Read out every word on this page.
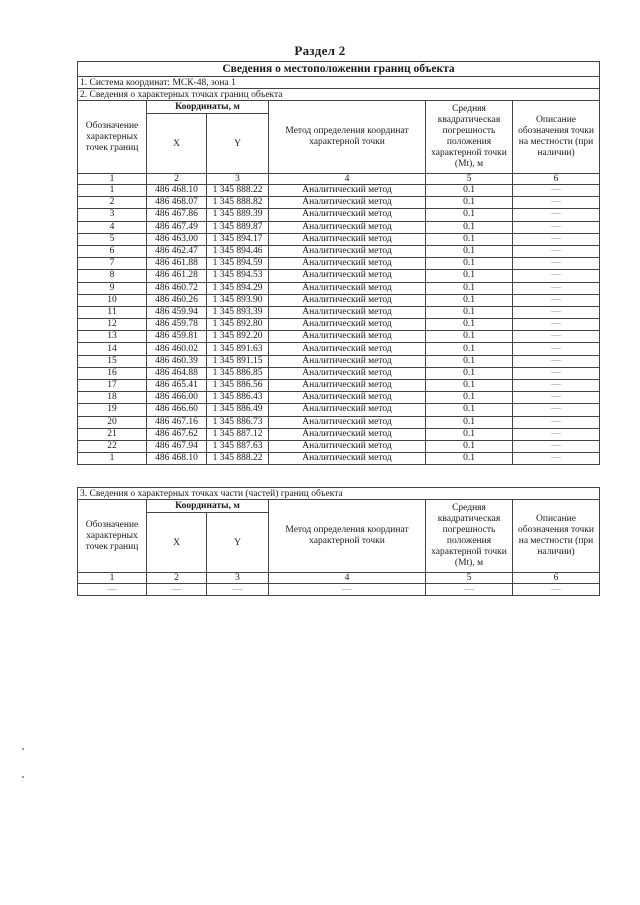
Раздел 2
Сведения о местоположении границ объекта					
1. Система координат: МСК-48, зона 1					
2. Сведения о характерных точках границ объекта					
Обозначение характерных точек границ	Координаты, м		Метод определения координат характерной точки	Средняя квадратическая погрешность положения характерной точки (Mt), м	Описание обозначения точки на местности (при наличии)
	X	Y			
1	2	3	4	5	6
1	486 468.10	1 345 888.22	Аналитический метод	0.1	—
2	486 468.07	1 345 888.82	Аналитический метод	0.1	—
3	486 467.86	1 345 889.39	Аналитический метод	0.1	—
4	486 467.49	1 345 889.87	Аналитический метод	0.1	—
5	486 463.00	1 345 894.17	Аналитический метод	0.1	—
6	486 462.47	1 345 894.46	Аналитический метод	0.1	—
7	486 461.88	1 345 894.59	Аналитический метод	0.1	—
8	486 461.28	1 345 894.53	Аналитический метод	0.1	—
9	486 460.72	1 345 894.29	Аналитический метод	0.1	—
10	486 460.26	1 345 893.90	Аналитический метод	0.1	—
11	486 459.94	1 345 893.39	Аналитический метод	0.1	—
12	486 459.78	1 345 892.80	Аналитический метод	0.1	—
13	486 459.81	1 345 892.20	Аналитический метод	0.1	—
14	486 460.02	1 345 891.63	Аналитический метод	0.1	—
15	486 460.39	1 345 891.15	Аналитический метод	0.1	—
16	486 464.88	1 345 886.85	Аналитический метод	0.1	—
17	486 465.41	1 345 886.56	Аналитический метод	0.1	—
18	486 466.00	1 345 886.43	Аналитический метод	0.1	—
19	486 466.60	1 345 886.49	Аналитический метод	0.1	—
20	486 467.16	1 345 886.73	Аналитический метод	0.1	—
21	486 467.62	1 345 887.12	Аналитический метод	0.1	—
22	486 467.94	1 345 887.63	Аналитический метод	0.1	—
1	486 468.10	1 345 888.22	Аналитический метод	0.1	—
3. Сведения о характерных точках части (частей) границ объекта					
Обозначение характерных точек границ	Координаты, м		Метод определения координат характерной точки	Средняя квадратическая погрешность положения характерной точки (Mt), м	Описание обозначения точки на местности (при наличии)
	X	Y			
1	2	3	4	5	6
—	—	—	—	—	—
